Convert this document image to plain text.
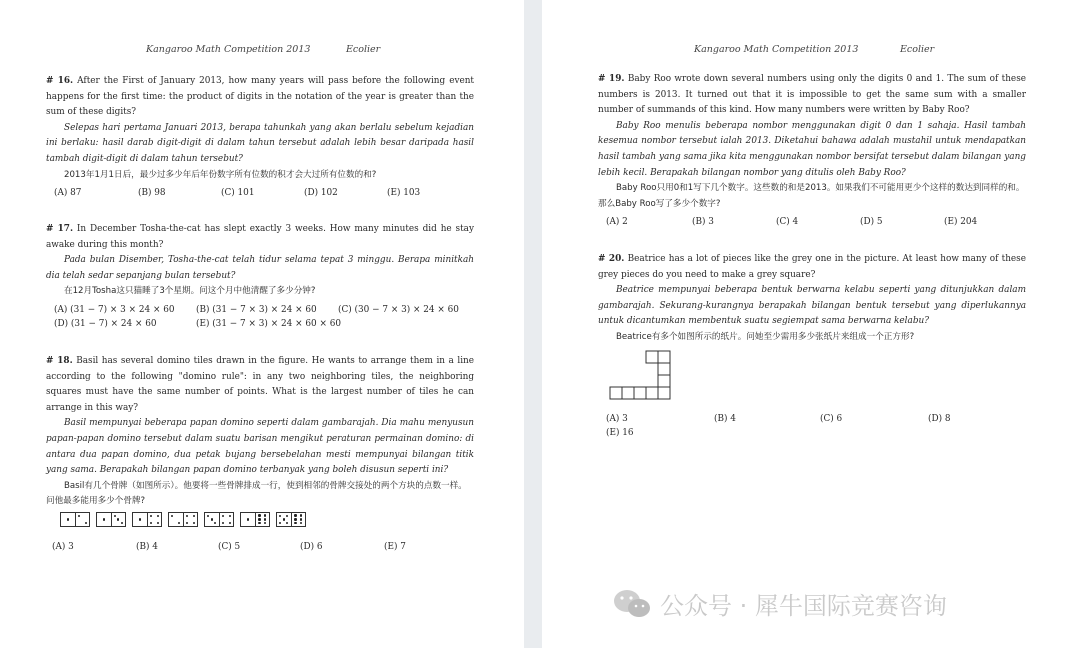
Kangaroo Math Competition 2013	Ecolier
# 16. After the First of January 2013, how many years will pass before the following event happens for the first time: the product of digits in the notation of the year is greater than the sum of these digits?
Selepas hari pertama Januari 2013, berapa tahunkah yang akan berlalu sebelum kejadian ini berlaku: hasil darab digit-digit di dalam tahun tersebut adalah lebih besar daripada hasil tambah digit-digit di dalam tahun tersebut?
2013年1月1日后，最少过多少年后年份数字所有位数的积才会大过所有位数的和?
(A) 87	(B) 98	(C) 101	(D) 102	(E) 103
# 17. In December Tosha-the-cat has slept exactly 3 weeks. How many minutes did he stay awake during this month?
Pada bulan Disember, Tosha-the-cat telah tidur selama tepat 3 minggu. Berapa minitkah dia telah sedar sepanjang bulan tersebut?
在12月Tosha这只猫睡了3个星期。问这个月中他清醒了多少分钟?
(A) (31 − 7) × 3 × 24 × 60 (B) (31 − 7 × 3) × 24 × 60 (C) (30 − 7 × 3) × 24 × 60
(D) (31 − 7) × 24 × 60	(E) (31 − 7 × 3) × 24 × 60 × 60
# 18. Basil has several domino tiles drawn in the figure. He wants to arrange them in a line according to the following "domino rule": in any two neighboring tiles, the neighboring squares must have the same number of points. What is the largest number of tiles he can arrange in this way?
Basil mempunyai beberapa papan domino seperti dalam gambarajah. Dia mahu menyusun papan-papan domino tersebut dalam suatu barisan mengikut peraturan permainan domino: di antara dua papan domino, dua petak bujang bersebelahan mesti mempunyai bilangan titik yang sama. Berapakah bilangan papan domino terbanyak yang boleh disusun seperti ini?
Basil有几个骨牌（如图所示）。他要将一些骨牌排成一行，使到相邻的骨牌交接处的两个方块的点数一样。问他最多能用多少个骨牌?
(A) 3	(B) 4	(C) 5	(D) 6	(E) 7
Kangaroo Math Competition 2013	Ecolier
# 19. Baby Roo wrote down several numbers using only the digits 0 and 1. The sum of these numbers is 2013. It turned out that it is impossible to get the same sum with a smaller number of summands of this kind. How many numbers were written by Baby Roo?
Baby Roo menulis beberapa nombor menggunakan digit 0 dan 1 sahaja. Hasil tambah kesemua nombor tersebut ialah 2013. Diketahui bahawa adalah mustahil untuk mendapatkan hasil tambah yang sama jika kita menggunakan nombor bersifat tersebut dalam bilangan yang lebih kecil. Berapakah bilangan nombor yang ditulis oleh Baby Roo?
Baby Roo只用0和1写下几个数字。这些数的和是2013。如果我们不可能用更少个这样的数达到同样的和。那么Baby Roo写了多少个数字?
(A) 2	(B) 3	(C) 4	(D) 5	(E) 204
# 20. Beatrice has a lot of pieces like the grey one in the picture. At least how many of these grey pieces do you need to make a grey square?
Beatrice mempunyai beberapa bentuk berwarna kelabu seperti yang ditunjukkan dalam gambarajah. Sekurang-kurangnya berapakah bilangan bentuk tersebut yang diperlukannya untuk dicantumkan membentuk suatu segiempat sama berwarna kelabu?
Beatrice有多个如图所示的纸片。问她至少需用多少张纸片来组成一个正方形?
(A) 3	(B) 4	(C) 6	(D) 8
(E) 16
公众号 · 犀牛国际竞赛咨询
